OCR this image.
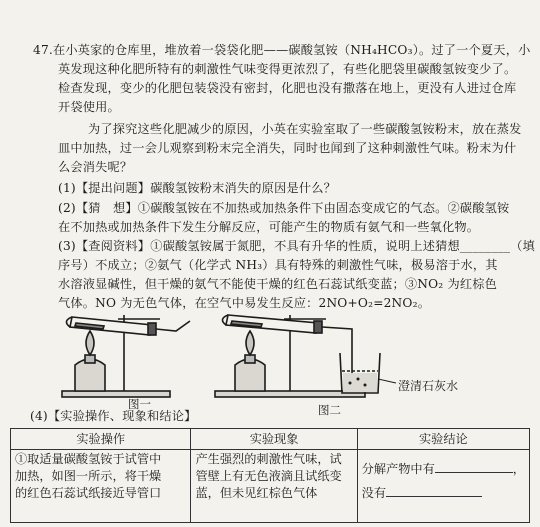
47.在小英家的仓库里，堆放着一袋袋化肥——碳酸氢铵（NH₄HCO₃）。过了一个夏天，小
英发现这种化肥所特有的刺激性气味变得更浓烈了，有些化肥袋里碳酸氢铵变少了。
检查发现，变少的化肥包装袋没有密封，化肥也没有撒落在地上，更没有人进过仓库
开袋使用。
为了探究这些化肥减少的原因，小英在实验室取了一些碳酸氢铵粉末，放在蒸发
皿中加热，过一会儿观察到粉末完全消失，同时也闻到了这种刺激性气味。粉末为什
么会消失呢？
(1)【提出问题】碳酸氢铵粉末消失的原因是什么？
(2)【猜　想】①碳酸氢铵在不加热或加热条件下由固态变成它的气态。②碳酸氢铵
在不加热或加热条件下发生分解反应，可能产生的物质有氨气和一些氧化物。
(3)【查阅资料】①碳酸氢铵属于氮肥，不具有升华的性质，说明上述猜想________（填
序号）不成立；②氨气（化学式 NH₃）具有特殊的刺激性气味，极易溶于水，其
水溶液显碱性，但干燥的氨气不能使干燥的红色石蕊试纸变蓝；③NO₂ 为红棕色
气体。NO 为无色气体，在空气中易发生反应：2NO+O₂=2NO₂。
图一	图二
澄清石灰水
(4)【实验操作、现象和结论】
实验操作	实验现象	实验结论

①取适量碳酸氢铵于试管中
加热，如图一所示，将干燥
的红色石蕊试纸接近导管口	产生强烈的刺激性气味，试
管壁上有无色液滴且试纸变
蓝，但未见红棕色气体	分解产物中有 ，
没有
